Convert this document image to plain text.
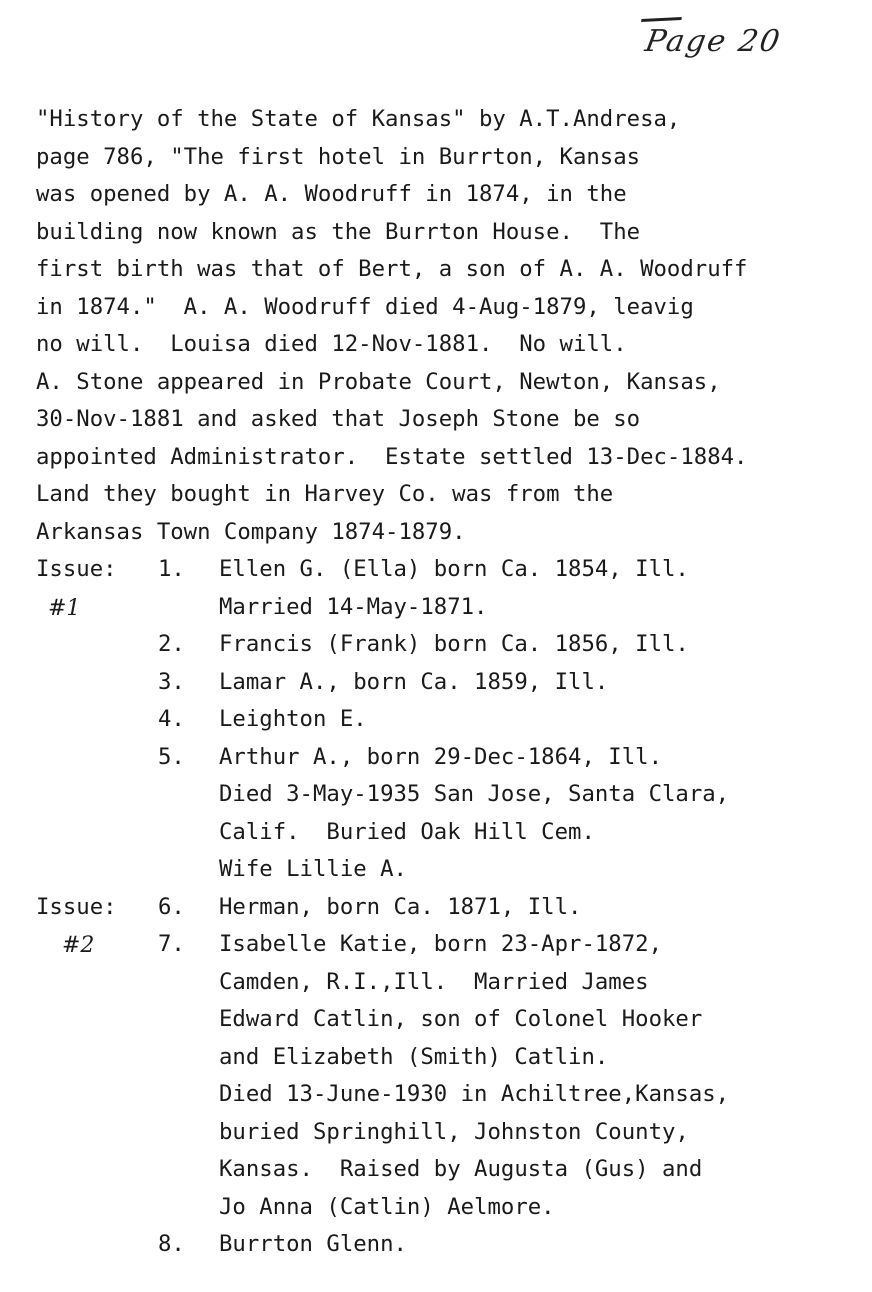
Page 20
"History of the State of Kansas" by A.T.Andresa,
page 786, "The first hotel in Burrton, Kansas
was opened by A. A. Woodruff in 1874, in the
building now known as the Burrton House.  The
first birth was that of Bert, a son of A. A. Woodruff
in 1874."  A. A. Woodruff died 4-Aug-1879, leavig
no will.  Louisa died 12-Nov-1881.  No will.
A. Stone appeared in Probate Court, Newton, Kansas,
30-Nov-1881 and asked that Joseph Stone be so
appointed Administrator.  Estate settled 13-Dec-1884.
Land they bought in Harvey Co. was from the
Arkansas Town Company 1874-1879.
Issue:
#1
1. Ellen G. (Ella) born Ca. 1854, Ill.
Married 14-May-1871.
2. Francis (Frank) born Ca. 1856, Ill.
3. Lamar A., born Ca. 1859, Ill.
4. Leighton E.
5. Arthur A., born 29-Dec-1864, Ill.
Died 3-May-1935 San Jose, Santa Clara,
Calif.  Buried Oak Hill Cem.
Wife Lillie A.
Issue:
#2
6. Herman, born Ca. 1871, Ill.
7. Isabelle Katie, born 23-Apr-1872,
Camden, R.I.,Ill.  Married James
Edward Catlin, son of Colonel Hooker
and Elizabeth (Smith) Catlin.
Died 13-June-1930 in Achiltree,Kansas,
buried Springhill, Johnston County,
Kansas.  Raised by Augusta (Gus) and
Jo Anna (Catlin) Aelmore.
8. Burrton Glenn.
